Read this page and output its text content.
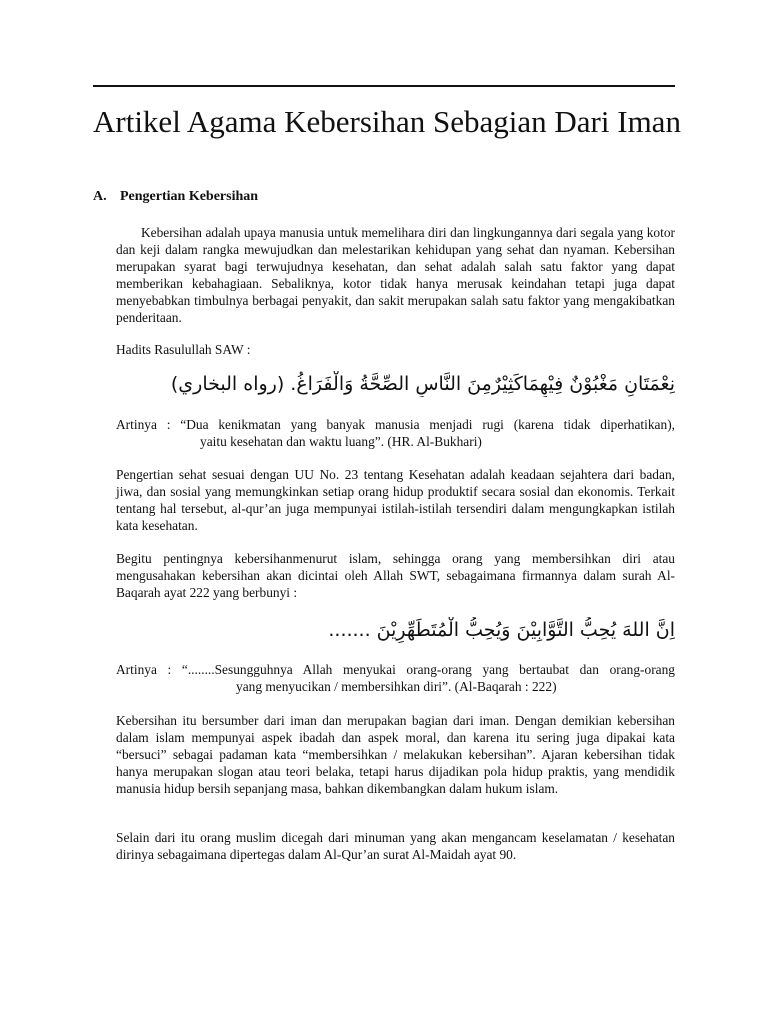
Artikel Agama Kebersihan Sebagian Dari Iman
A. Pengertian Kebersihan

Kebersihan adalah upaya manusia untuk memelihara diri dan lingkungannya dari segala yang kotor dan keji dalam rangka mewujudkan dan melestarikan kehidupan yang sehat dan nyaman. Kebersihan merupakan syarat bagi terwujudnya kesehatan, dan sehat adalah salah satu faktor yang dapat memberikan kebahagiaan. Sebaliknya, kotor tidak hanya merusak keindahan tetapi juga dapat menyebabkan timbulnya berbagai penyakit, dan sakit merupakan salah satu faktor yang mengakibatkan penderitaan.

Hadits Rasulullah SAW :

نِعْمَتَانِ مَغْبُوْنٌ فِيْهِمَاكَثِيْرٌمِنَ النَّاسِ الصِّحَّةُ وَالْفَرَاغُ. (رواه البخاري)

Artinya : “Dua kenikmatan yang banyak manusia menjadi rugi (karena tidak diperhatikan),yaitu kesehatan dan waktu luang”. (HR. Al-Bukhari)

Pengertian sehat sesuai dengan UU No. 23 tentang Kesehatan adalah keadaan sejahtera dari badan, jiwa, dan sosial yang memungkinkan setiap orang hidup produktif secara sosial dan ekonomis. Terkait tentang hal tersebut, al-qur’an juga mempunyai istilah-istilah tersendiri dalam mengungkapkan istilah kata kesehatan.

Begitu pentingnya kebersihanmenurut islam, sehingga orang yang membersihkan diri atau mengusahakan kebersihan akan dicintai oleh Allah SWT, sebagaimana firmannya dalam surah Al-Baqarah ayat 222 yang berbunyi :

اِنَّ اللهَ يُحِبُّ التَّوَّابِيْنَ وَيُحِبُّ الْمُتَطَهِّرِيْنَ .......

Artinya : “........Sesungguhnya Allah menyukai orang-orang yang bertaubat dan orang-orangyang menyucikan / membersihkan diri”. (Al-Baqarah : 222)

Kebersihan itu bersumber dari iman dan merupakan bagian dari iman. Dengan demikian kebersihan dalam islam mempunyai aspek ibadah dan aspek moral, dan karena itu sering juga dipakai kata “bersuci” sebagai padaman kata “membersihkan / melakukan kebersihan”. Ajaran kebersihan tidak hanya merupakan slogan atau teori belaka, tetapi harus dijadikan pola hidup praktis, yang mendidik manusia hidup bersih sepanjang masa, bahkan dikembangkan dalam hukum islam.

Selain dari itu orang muslim dicegah dari minuman yang akan mengancam keselamatan / kesehatan dirinya sebagaimana dipertegas dalam Al-Qur’an surat Al-Maidah ayat 90.
